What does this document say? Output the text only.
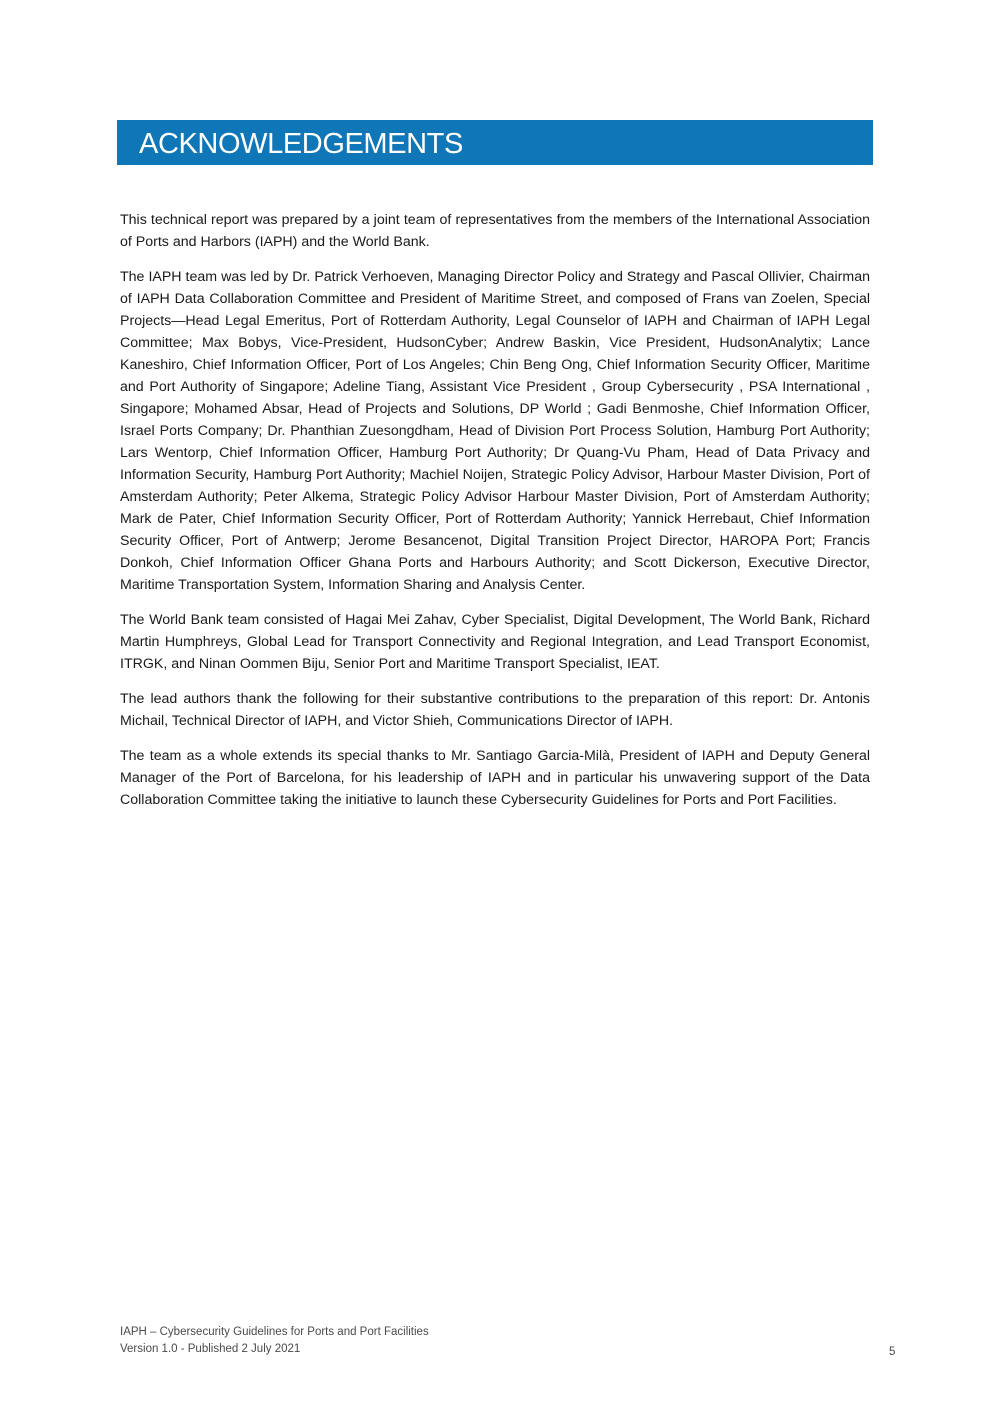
ACKNOWLEDGEMENTS

This technical report was prepared by a joint team of representatives from the members of the International Association of Ports and Harbors (IAPH) and the World Bank.

The IAPH team was led by Dr. Patrick Verhoeven, Managing Director Policy and Strategy and Pascal Ollivier, Chairman of IAPH Data Collaboration Committee and President of Maritime Street, and composed of Frans van Zoelen, Special Projects—Head Legal Emeritus, Port of Rotterdam Authority, Legal Counselor of IAPH and Chairman of IAPH Legal Committee; Max Bobys, Vice-President, HudsonCyber; Andrew Baskin, Vice President, HudsonAnalytix; Lance Kaneshiro, Chief Information Officer, Port of Los Angeles; Chin Beng Ong, Chief Information Security Officer, Maritime and Port Authority of Singapore; Adeline Tiang, Assistant Vice President , Group Cybersecurity , PSA International , Singapore; Mohamed Absar, Head of Projects and Solutions, DP World ; Gadi Benmoshe, Chief Information Officer, Israel Ports Company; Dr. Phanthian Zuesongdham, Head of Division Port Process Solution, Hamburg Port Authority; Lars Wentorp, Chief Information Officer, Hamburg Port Authority; Dr Quang-Vu Pham, Head of Data Privacy and Information Security, Hamburg Port Authority; Machiel Noijen, Strategic Policy Advisor, Harbour Master Division, Port of Amsterdam Authority; Peter Alkema, Strategic Policy Advisor Harbour Master Division, Port of Amsterdam Authority; Mark de Pater, Chief Information Security Officer, Port of Rotterdam Authority; Yannick Herrebaut, Chief Information Security Officer, Port of Antwerp; Jerome Besancenot, Digital Transition Project Director, HAROPA Port; Francis Donkoh, Chief Information Officer Ghana Ports and Harbours Authority; and Scott Dickerson, Executive Director, Maritime Transportation System, Information Sharing and Analysis Center.

The World Bank team consisted of Hagai Mei Zahav, Cyber Specialist, Digital Development, The World Bank, Richard Martin Humphreys, Global Lead for Transport Connectivity and Regional Integration, and Lead Transport Economist, ITRGK, and Ninan Oommen Biju, Senior Port and Maritime Transport Specialist, IEAT.

The lead authors thank the following for their substantive contributions to the preparation of this report: Dr. Antonis Michail, Technical Director of IAPH, and Victor Shieh, Communications Director of IAPH.

The team as a whole extends its special thanks to Mr. Santiago Garcia-Milà, President of IAPH and Deputy General Manager of the Port of Barcelona, for his leadership of IAPH and in particular his unwavering support of the Data Collaboration Committee taking the initiative to launch these Cybersecurity Guidelines for Ports and Port Facilities.

IAPH – Cybersecurity Guidelines for Ports and Port Facilities
Version 1.0 - Published 2 July 2021	5
